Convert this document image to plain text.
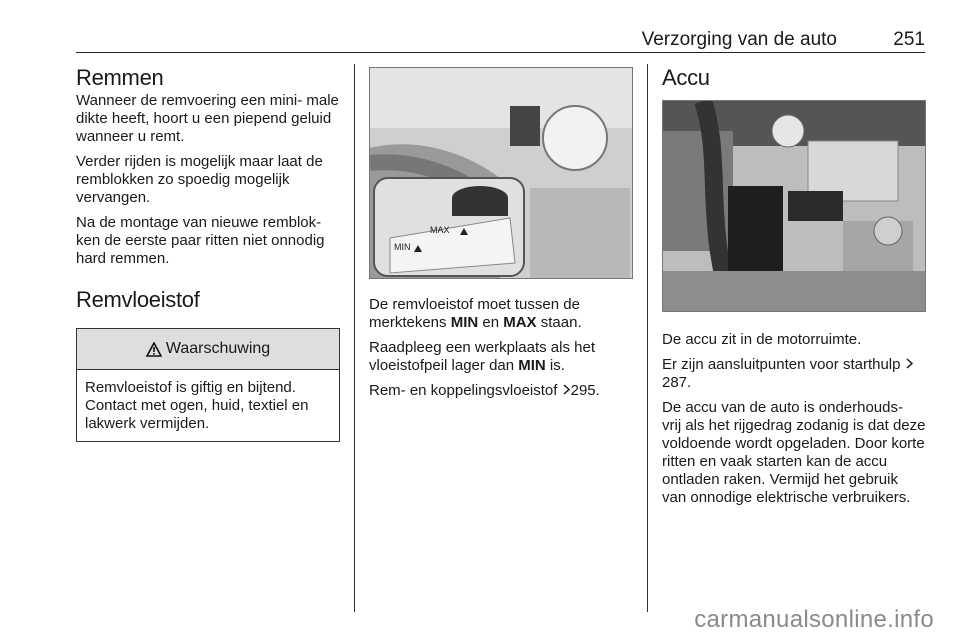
Verzorging van de auto	251
Remmen

Wanneer de remvoering een mini- male dikte heeft, hoort u een piepend geluid wanneer u remt.

Verder rijden is mogelijk maar laat de remblokken zo spoedig mogelijk vervangen.

Na de montage van nieuwe remblok- ken de eerste paar ritten niet onnodig hard remmen.

Remvloeistof
Waarschuwing
Remvloeistof is giftig en bijtend. Contact met ogen, huid, textiel en lakwerk vermijden.
MAX
MIN

De remvloeistof moet tussen de merktekens MIN en MAX staan.

Raadpleeg een werkplaats als het vloeistofpeil lager dan MIN is.

Rem- en koppelingsvloeistof 295.

Accu

De accu zit in de motorruimte.

Er zijn aansluitpunten voor starthulp 287.

De accu van de auto is onderhouds- vrij als het rijgedrag zodanig is dat deze voldoende wordt opgeladen. Door korte ritten en vaak starten kan de accu ontladen raken. Vermijd het gebruik van onnodige elektrische verbruikers.

carmanualsonline.info
